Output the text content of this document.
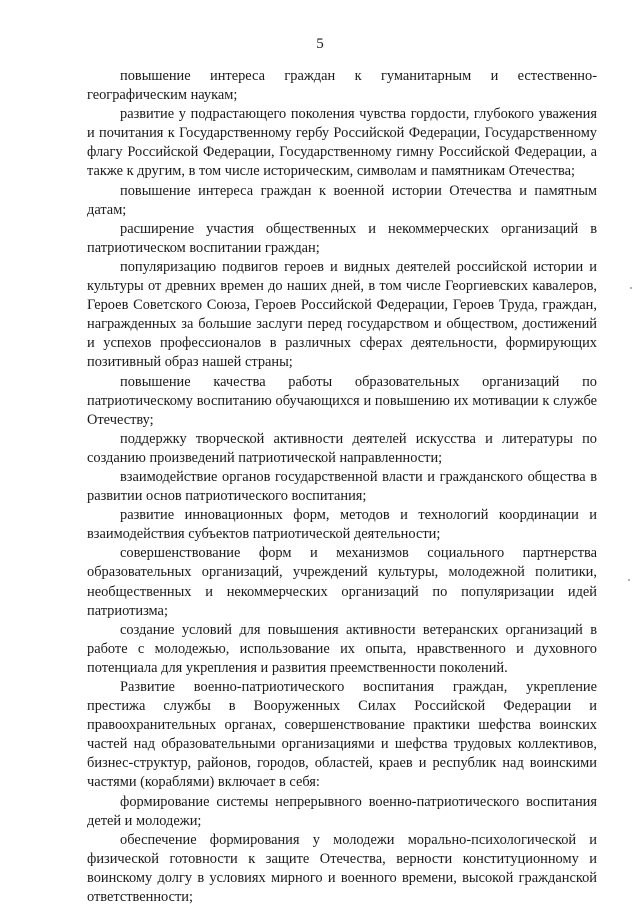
5

повышение интереса граждан к гуманитарным и естественно-географическим наукам;

развитие у подрастающего поколения чувства гордости, глубокого уважения и почитания к Государственному гербу Российской Федерации, Государственному флагу Российской Федерации, Государственному гимну Российской Федерации, а также к другим, в том числе историческим, символам и памятникам Отечества;

повышение интереса граждан к военной истории Отечества и памятным датам;

расширение участия общественных и некоммерческих организаций в патриотическом воспитании граждан;

популяризацию подвигов героев и видных деятелей российской истории и культуры от древних времен до наших дней, в том числе Георгиевских кавалеров, Героев Советского Союза, Героев Российской Федерации, Героев Труда, граждан, награжденных за большие заслуги перед государством и обществом, достижений и успехов профессионалов в различных сферах деятельности, формирующих позитивный образ нашей страны;

повышение качества работы образовательных организаций по патриотическому воспитанию обучающихся и повышению их мотивации к службе Отечеству;

поддержку творческой активности деятелей искусства и литературы по созданию произведений патриотической направленности;

взаимодействие органов государственной власти и гражданского общества в развитии основ патриотического воспитания;

развитие инновационных форм, методов и технологий координации и взаимодействия субъектов патриотической деятельности;

совершенствование форм и механизмов социального партнерства образовательных организаций, учреждений культуры, молодежной политики, необщественных и некоммерческих организаций по популяризации идей патриотизма;

создание условий для повышения активности ветеранских организаций в работе с молодежью, использование их опыта, нравственного и духовного потенциала для укрепления и развития преемственности поколений.

Развитие военно-патриотического воспитания граждан, укрепление престижа службы в Вооруженных Силах Российской Федерации и правоохранительных органах, совершенствование практики шефства воинских частей над образовательными организациями и шефства трудовых коллективов, бизнес-структур, районов, городов, областей, краев и республик над воинскими частями (кораблями) включает в себя:

формирование системы непрерывного военно-патриотического воспитания детей и молодежи;

обеспечение формирования у молодежи морально-психологической и физической готовности к защите Отечества, верности конституционному и воинскому долгу в условиях мирного и военного времени, высокой гражданской ответственности;
